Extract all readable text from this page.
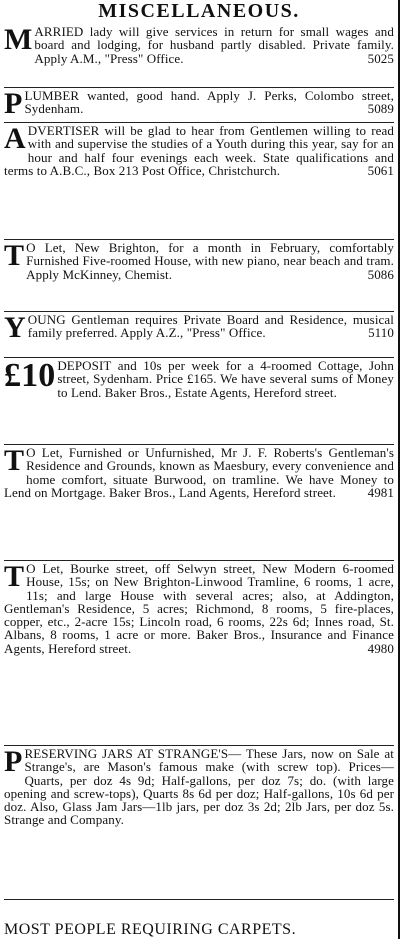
MISCELLANEOUS.

MARRIED lady will give services in return for small wages and board and lodging, for husband partly disabled. Private family. Apply A.M., "Press" Office.	5025

PLUMBER wanted, good hand. Apply J. Perks, Colombo street, Sydenham.	5089

ADVERTISER will be glad to hear from Gentlemen willing to read with and supervise the studies of a Youth during this year, say for an hour and half four evenings each week. State qualifications and terms to A.B.C., Box 213 Post Office, Christchurch.	5061

T O Let, New Brighton, for a month in February, comfortably Furnished Five-roomed House, with new piano, near beach and tram. Apply McKinney, Chemist.	5086

YOUNG Gentleman requires Private Board and Residence, musical family preferred. Apply A.Z., "Press" Office.	5110

£10 DEPOSIT and 10s per week for a 4-roomed Cottage, John street, Sydenham. Price £165. We have several sums of Money to Lend. Baker Bros., Estate Agents, Hereford street.

T O Let, Furnished or Unfurnished, Mr J. F. Roberts's Gentleman's Residence and Grounds, known as Maesbury, every convenience and home comfort, situate Burwood, on tramline. We have Money to Lend on Mortgage. Baker Bros., Land Agents, Hereford street. 4981

T O Let, Bourke street, off Selwyn street, New Modern 6-roomed House, 15s; on New Brighton-Linwood Tramline, 6 rooms, 1 acre, 11s; and large House with several acres; also, at Addington, Gentleman's Residence, 5 acres; Richmond, 8 rooms, 5 fire-places, copper, etc., 2-acre 15s; Lincoln road, 6 rooms, 22s 6d; Innes road, St. Albans, 8 rooms, 1 acre or more. Baker Bros., Insurance and Finance Agents, Hereford street.	4980

PRESERVING JARS AT STRANGE'S— These Jars, now on Sale at Strange's, are Mason's famous make (with screw top). Prices—Quarts, per doz 4s 9d; Half-gallons, per doz 7s; do. (with large opening and screw-tops), Quarts 8s 6d per doz; Half-gallons, 10s 6d per doz. Also, Glass Jam Jars—1lb jars, per doz 3s 2d; 2lb Jars, per doz 5s. Strange and Company.

MOST PEOPLE REQUIRING CARPETS.
